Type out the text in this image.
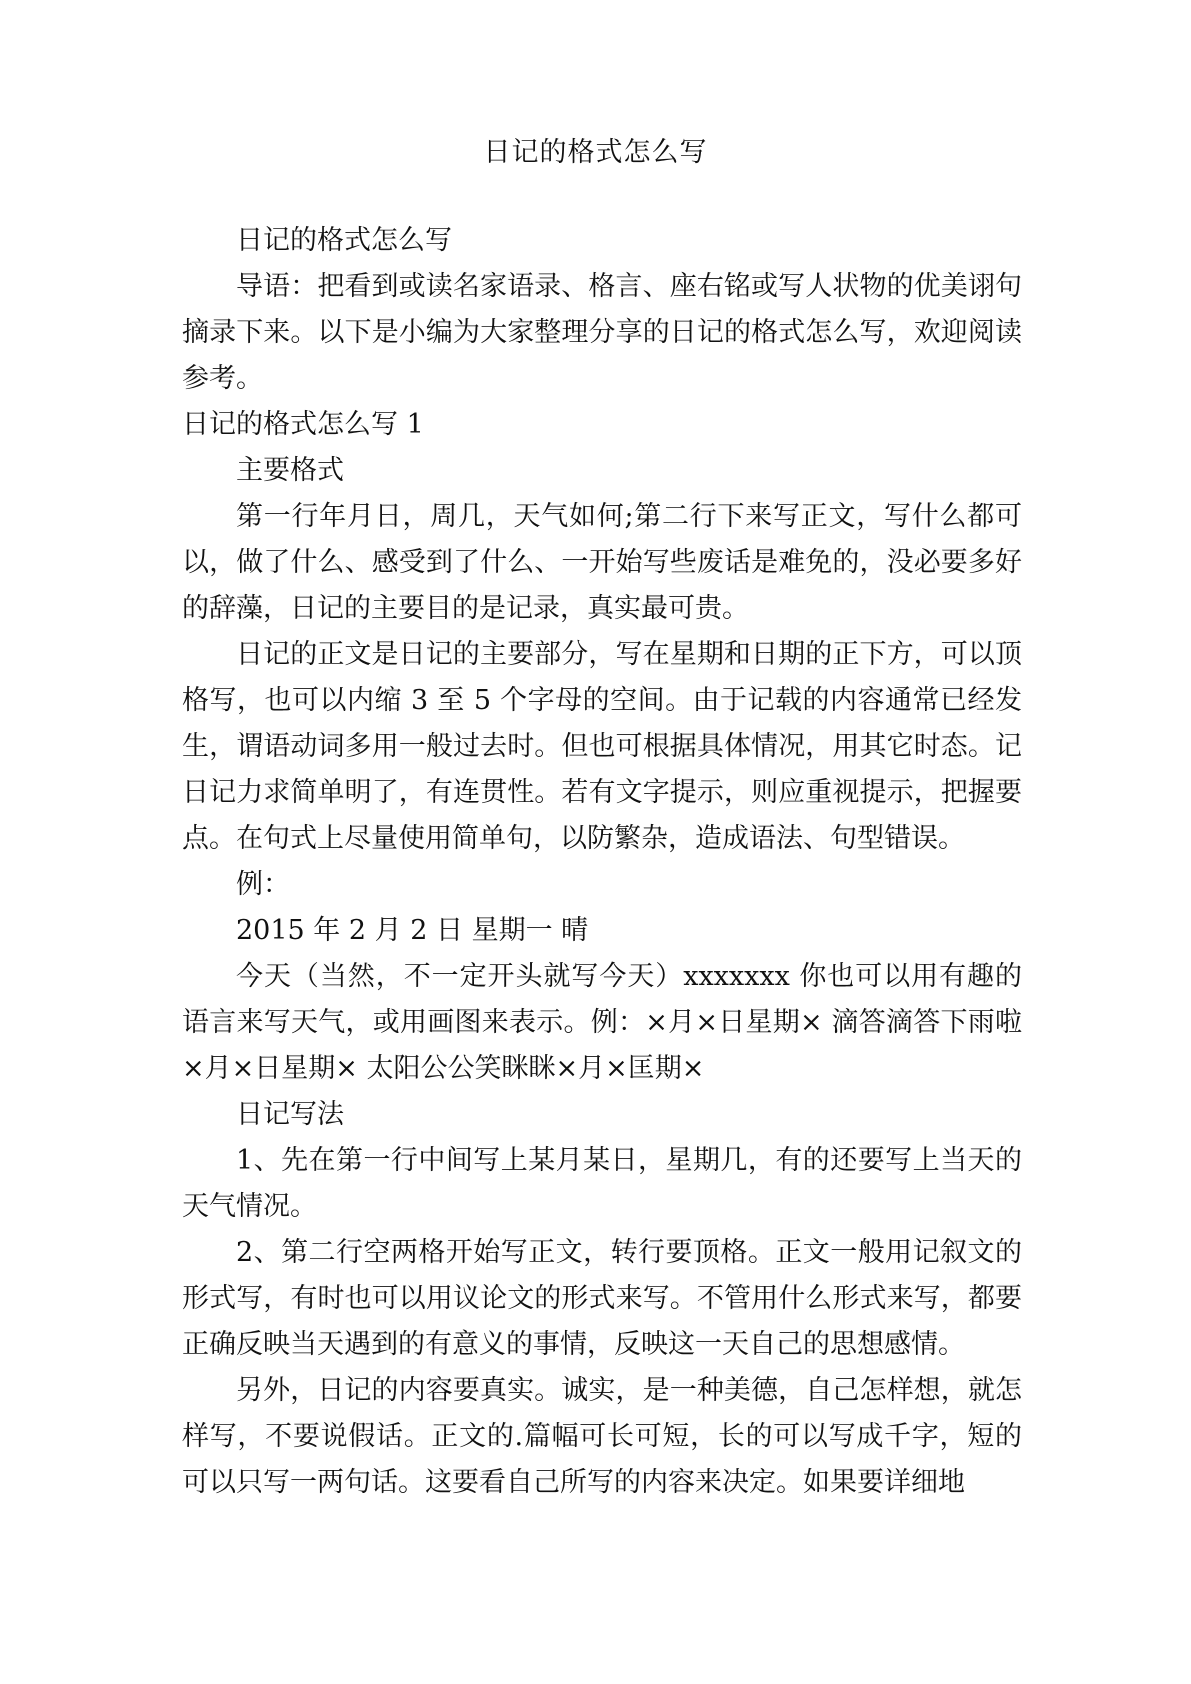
日记的格式怎么写

日记的格式怎么写

导语：把看到或读名家语录、格言、座右铭或写人状物的优美诩句摘录下来。以下是小编为大家整理分享的日记的格式怎么写，欢迎阅读参考。

日记的格式怎么写 1

主要格式

第一行年月日，周几，天气如何;第二行下来写正文，写什么都可以，做了什么、感受到了什么、一开始写些废话是难免的，没必要多好的辞藻，日记的主要目的是记录，真实最可贵。

日记的正文是日记的主要部分，写在星期和日期的正下方，可以顶格写，也可以内缩 3 至 5 个字母的空间。由于记载的内容通常已经发生，谓语动词多用一般过去时。但也可根据具体情况，用其它时态。记日记力求简单明了，有连贯性。若有文字提示，则应重视提示，把握要点。在句式上尽量使用简单句，以防繁杂，造成语法、句型错误。

例：

2015 年 2 月 2 日 星期一 晴

今天（当然，不一定开头就写今天）xxxxxxx 你也可以用有趣的语言来写天气，或用画图来表示。例：×月×日星期× 滴答滴答下雨啦×月×日星期× 太阳公公笑眯眯×月×匡期×

日记写法

1、先在第一行中间写上某月某日，星期几，有的还要写上当天的天气情况。

2、第二行空两格开始写正文，转行要顶格。正文一般用记叙文的形式写，有时也可以用议论文的形式来写。不管用什么形式来写，都要正确反映当天遇到的有意义的事情，反映这一天自己的思想感情。

另外，日记的内容要真实。诚实，是一种美德，自己怎样想，就怎样写，不要说假话。正文的.篇幅可长可短，长的可以写成千字，短的可以只写一两句话。这要看自己所写的内容来决定。如果要详细地
